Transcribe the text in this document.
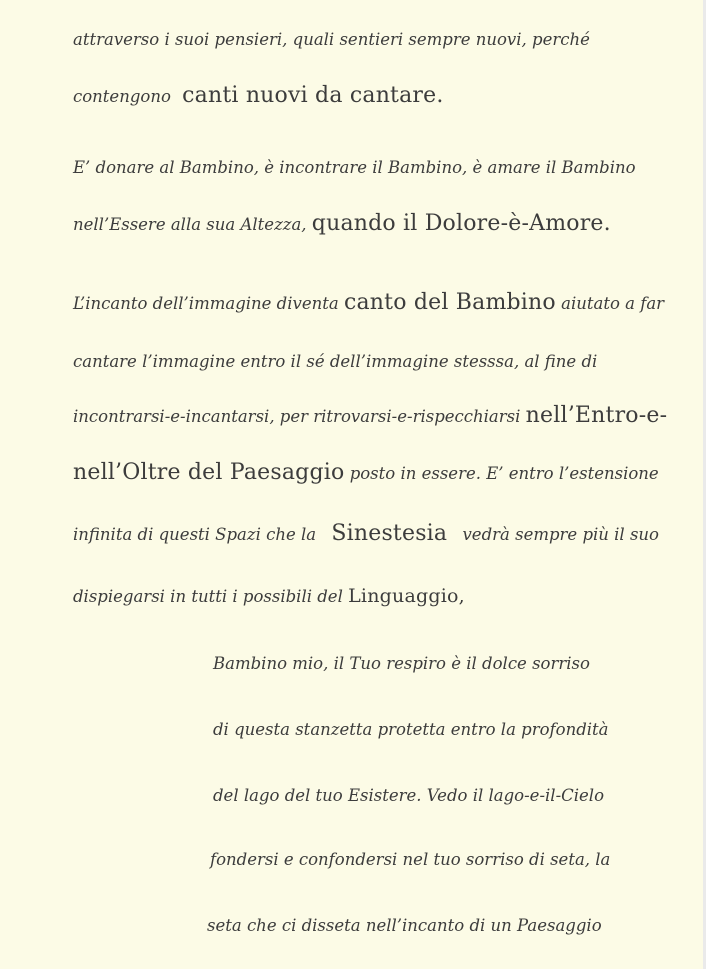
attraverso i suoi pensieri, quali sentieri sempre nuovi, perché
contengono canti nuovi da cantare.
E’ donare al Bambino, è incontrare il Bambino, è amare il Bambino
nell’Essere alla sua Altezza, quando il Dolore-è-Amore.
L’incanto dell’immagine diventa canto del Bambino aiutato a far
cantare l’immagine entro il sé dell’immagine stesssa, al fine di
incontrarsi-e-incantarsi, per ritrovarsi-e-rispecchiarsi nell’Entro-e-
nell’Oltre del Paesaggio posto in essere. E’ entro l’estensione
infinita di questi Spazi che la Sinestesia vedrà sempre più il suo
dispiegarsi in tutti i possibili del Linguaggio,
Bambino mio, il Tuo respiro è il dolce sorriso
di questa stanzetta protetta entro la profondità
del lago del tuo Esistere. Vedo il lago-e-il-Cielo
fondersi e confondersi nel tuo sorriso di seta, la
seta che ci disseta nell’incanto di un Paesaggio
